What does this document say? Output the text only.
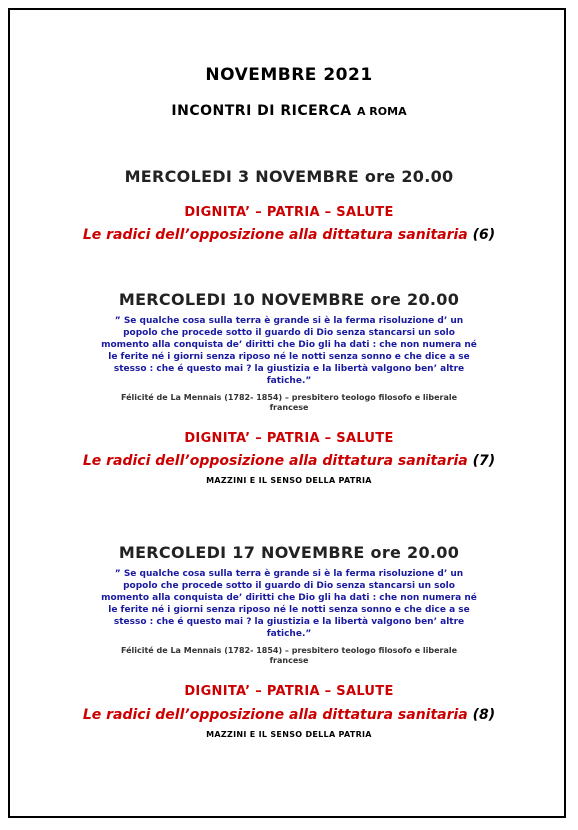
NOVEMBRE 2021
INCONTRI DI RICERCA A ROMA
MERCOLEDI 3 NOVEMBRE ore 20.00
DIGNITA’ – PATRIA – SALUTE
Le radici dell’opposizione alla dittatura sanitaria (6)
MERCOLEDI 10 NOVEMBRE ore 20.00
” Se qualche cosa sulla terra è grande si è la ferma risoluzione d’ un
popolo che procede sotto il guardo di Dio senza stancarsi un solo
momento alla conquista de’ diritti che Dio gli ha dati : che non numera né
le ferite né i giorni senza riposo né le notti senza sonno e che dice a se
stesso : che é questo mai ? la giustizia e la libertà valgono ben’ altre
fatiche.”
Félicité de La Mennais (1782- 1854) – presbitero teologo filosofo e liberale
francese
DIGNITA’ – PATRIA – SALUTE
Le radici dell’opposizione alla dittatura sanitaria (7)
MAZZINI E IL SENSO DELLA PATRIA
MERCOLEDI 17 NOVEMBRE ore 20.00
” Se qualche cosa sulla terra è grande si è la ferma risoluzione d’ un
popolo che procede sotto il guardo di Dio senza stancarsi un solo
momento alla conquista de’ diritti che Dio gli ha dati : che non numera né
le ferite né i giorni senza riposo né le notti senza sonno e che dice a se
stesso : che é questo mai ? la giustizia e la libertà valgono ben’ altre
fatiche.”
Félicité de La Mennais (1782- 1854) – presbitero teologo filosofo e liberale
francese
DIGNITA’ – PATRIA – SALUTE
Le radici dell’opposizione alla dittatura sanitaria (8)
MAZZINI E IL SENSO DELLA PATRIA
